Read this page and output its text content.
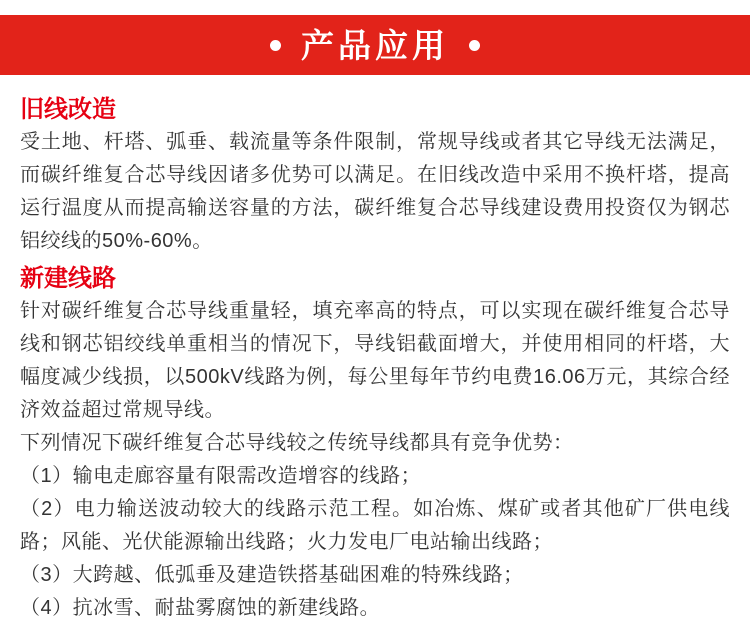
产品应用
旧线改造

受土地、杆塔、弧垂、载流量等条件限制，常规导线或者其它导线无法满足，而碳纤维复合芯导线因诸多优势可以满足。在旧线改造中采用不换杆塔，提高运行温度从而提高输送容量的方法，碳纤维复合芯导线建设费用投资仅为钢芯铝绞线的50%-60%。

新建线路

针对碳纤维复合芯导线重量轻，填充率高的特点，可以实现在碳纤维复合芯导线和钢芯铝绞线单重相当的情况下，导线铝截面增大，并使用相同的杆塔，大幅度减少线损，以500kV线路为例，每公里每年节约电费16.06万元，其综合经济效益超过常规导线。

下列情况下碳纤维复合芯导线较之传统导线都具有竞争优势：

（1）输电走廊容量有限需改造增容的线路；

（2）电力输送波动较大的线路示范工程。如冶炼、煤矿或者其他矿厂供电线路；风能、光伏能源输出线路；火力发电厂电站输出线路；

（3）大跨越、低弧垂及建造铁搭基础困难的特殊线路；

（4）抗冰雪、耐盐雾腐蚀的新建线路。
